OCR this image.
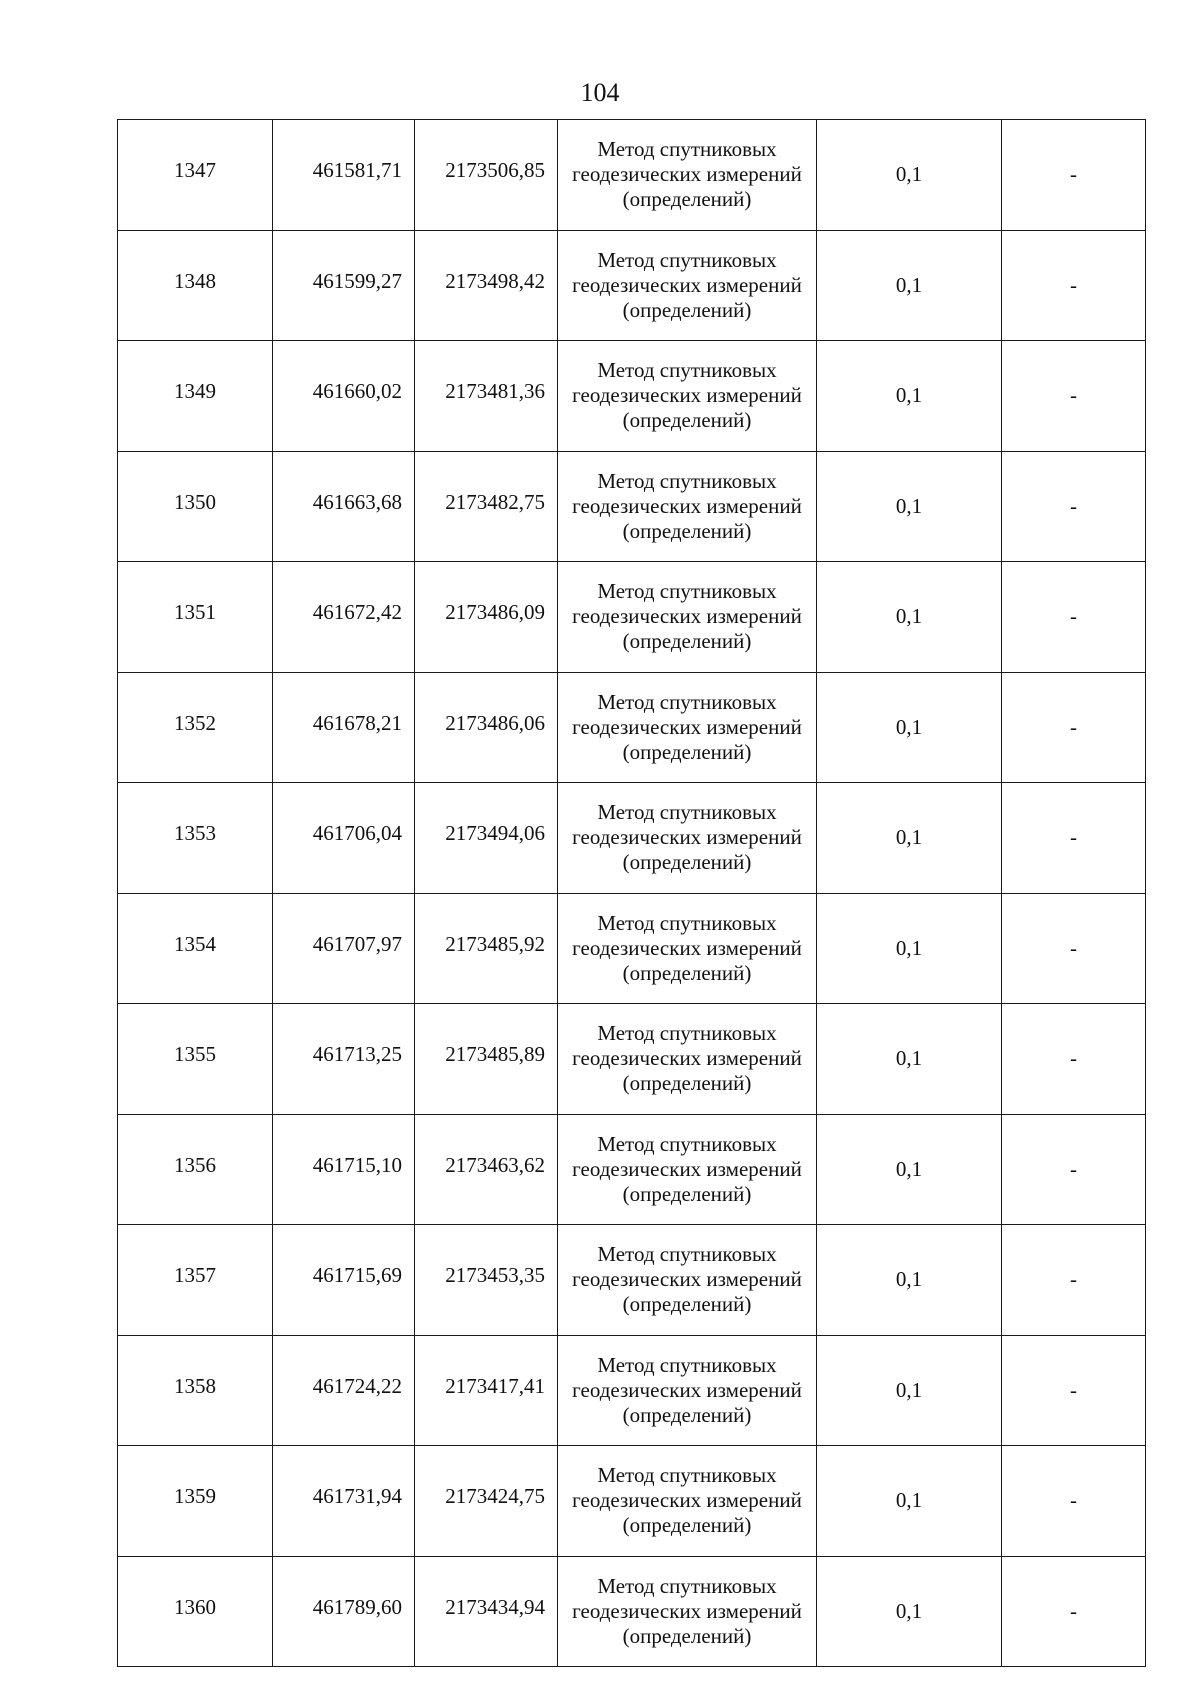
104
1347	461581,71	2173506,85	Метод спутниковых
геодезических измерений
(определений)	0,1	-
1348	461599,27	2173498,42	Метод спутниковых
геодезических измерений
(определений)	0,1	-
1349	461660,02	2173481,36	Метод спутниковых
геодезических измерений
(определений)	0,1	-
1350	461663,68	2173482,75	Метод спутниковых
геодезических измерений
(определений)	0,1	-
1351	461672,42	2173486,09	Метод спутниковых
геодезических измерений
(определений)	0,1	-
1352	461678,21	2173486,06	Метод спутниковых
геодезических измерений
(определений)	0,1	-
1353	461706,04	2173494,06	Метод спутниковых
геодезических измерений
(определений)	0,1	-
1354	461707,97	2173485,92	Метод спутниковых
геодезических измерений
(определений)	0,1	-
1355	461713,25	2173485,89	Метод спутниковых
геодезических измерений
(определений)	0,1	-
1356	461715,10	2173463,62	Метод спутниковых
геодезических измерений
(определений)	0,1	-
1357	461715,69	2173453,35	Метод спутниковых
геодезических измерений
(определений)	0,1	-
1358	461724,22	2173417,41	Метод спутниковых
геодезических измерений
(определений)	0,1	-
1359	461731,94	2173424,75	Метод спутниковых
геодезических измерений
(определений)	0,1	-
1360	461789,60	2173434,94	Метод спутниковых
геодезических измерений
(определений)	0,1	-
